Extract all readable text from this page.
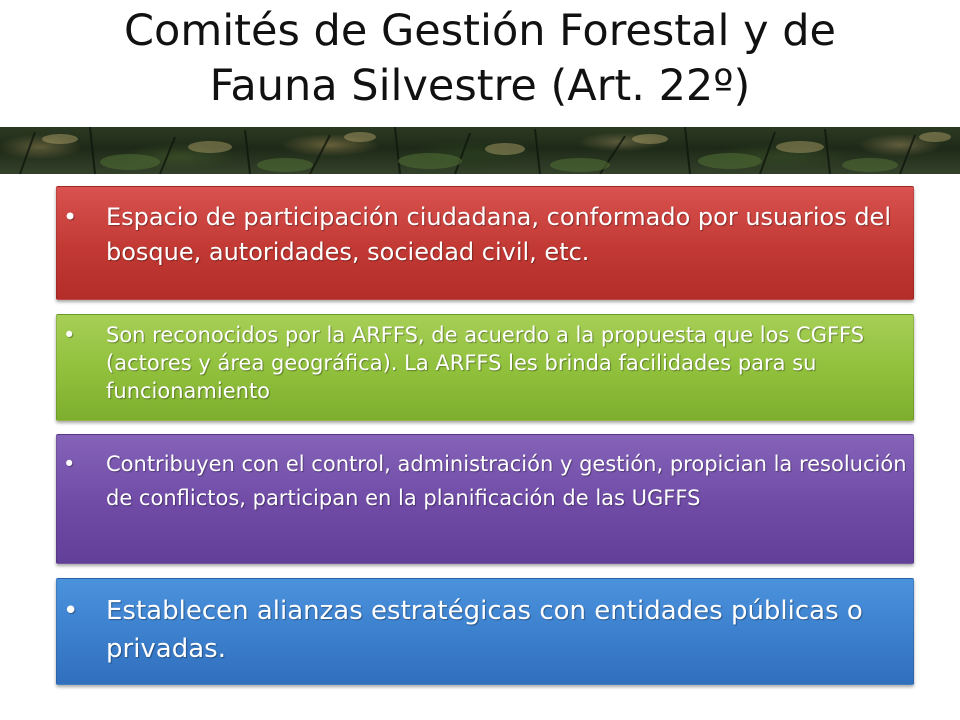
Comités de Gestión Forestal y de
Fauna Silvestre (Art. 22º)
• Espacio de participación ciudadana, conformado por usuarios del bosque, autoridades, sociedad civil, etc.
• Son reconocidos por la ARFFS, de acuerdo a la propuesta que los CGFFS (actores y área geográfica). La ARFFS les brinda facilidades para su funcionamiento
• Contribuyen con el control, administración y gestión, propician la resolución de conflictos, participan en la planificación de las UGFFS
• Establecen alianzas estratégicas con entidades públicas o privadas.
